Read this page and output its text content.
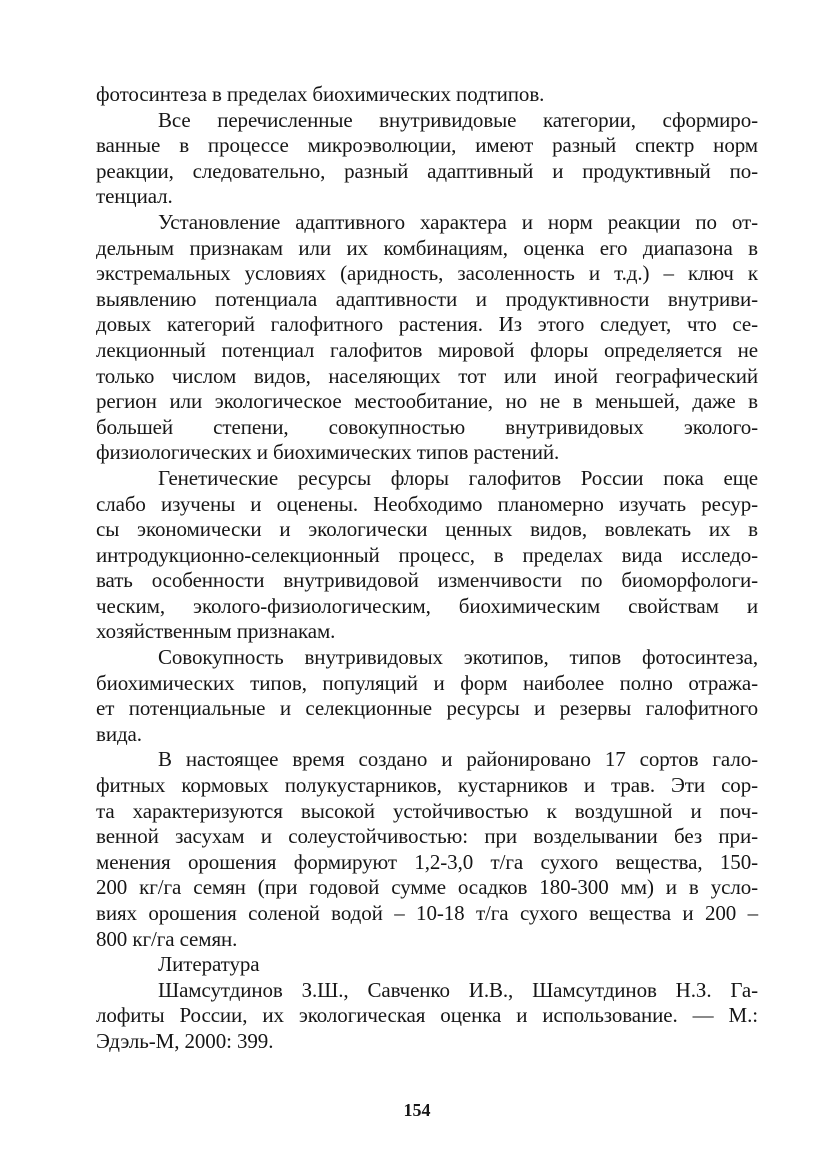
фотосинтеза в пределах биохимических подтипов.
Все перечисленные внутривидовые категории, сформиро-
ванные в процессе микроэволюции, имеют разный спектр норм
реакции, следовательно, разный адаптивный и продуктивный по-
тенциал.
Установление адаптивного характера и норм реакции по от-
дельным признакам или их комбинациям, оценка его диапазона в
экстремальных условиях (аридность, засоленность и т.д.) – ключ к
выявлению потенциала адаптивности и продуктивности внутриви-
довых категорий галофитного растения. Из этого следует, что се-
лекционный потенциал галофитов мировой флоры определяется не
только числом видов, населяющих тот или иной географический
регион или экологическое местообитание, но не в меньшей, даже в
большей степени, совокупностью внутривидовых эколого-
физиологических и биохимических типов растений.
Генетические ресурсы флоры галофитов России пока еще
слабо изучены и оценены. Необходимо планомерно изучать ресур-
сы экономически и экологически ценных видов, вовлекать их в
интродукционно-селекционный процесс, в пределах вида исследо-
вать особенности внутривидовой изменчивости по биоморфологи-
ческим, эколого-физиологическим, биохимическим свойствам и
хозяйственным признакам.
Совокупность внутривидовых экотипов, типов фотосинтеза,
биохимических типов, популяций и форм наиболее полно отража-
ет потенциальные и селекционные ресурсы и резервы галофитного
вида.
В настоящее время создано и районировано 17 сортов гало-
фитных кормовых полукустарников, кустарников и трав. Эти сор-
та характеризуются высокой устойчивостью к воздушной и поч-
венной засухам и солеустойчивостью: при возделывании без при-
менения орошения формируют 1,2-3,0 т/га сухого вещества, 150-
200 кг/га семян (при годовой сумме осадков 180-300 мм) и в усло-
виях орошения соленой водой – 10-18 т/га сухого вещества и 200 –
800 кг/га семян.
Литература
Шамсутдинов З.Ш., Савченко И.В., Шамсутдинов Н.З. Га-
лофиты России, их экологическая оценка и использование. — М.:
Эдэль-М, 2000: 399.
154
